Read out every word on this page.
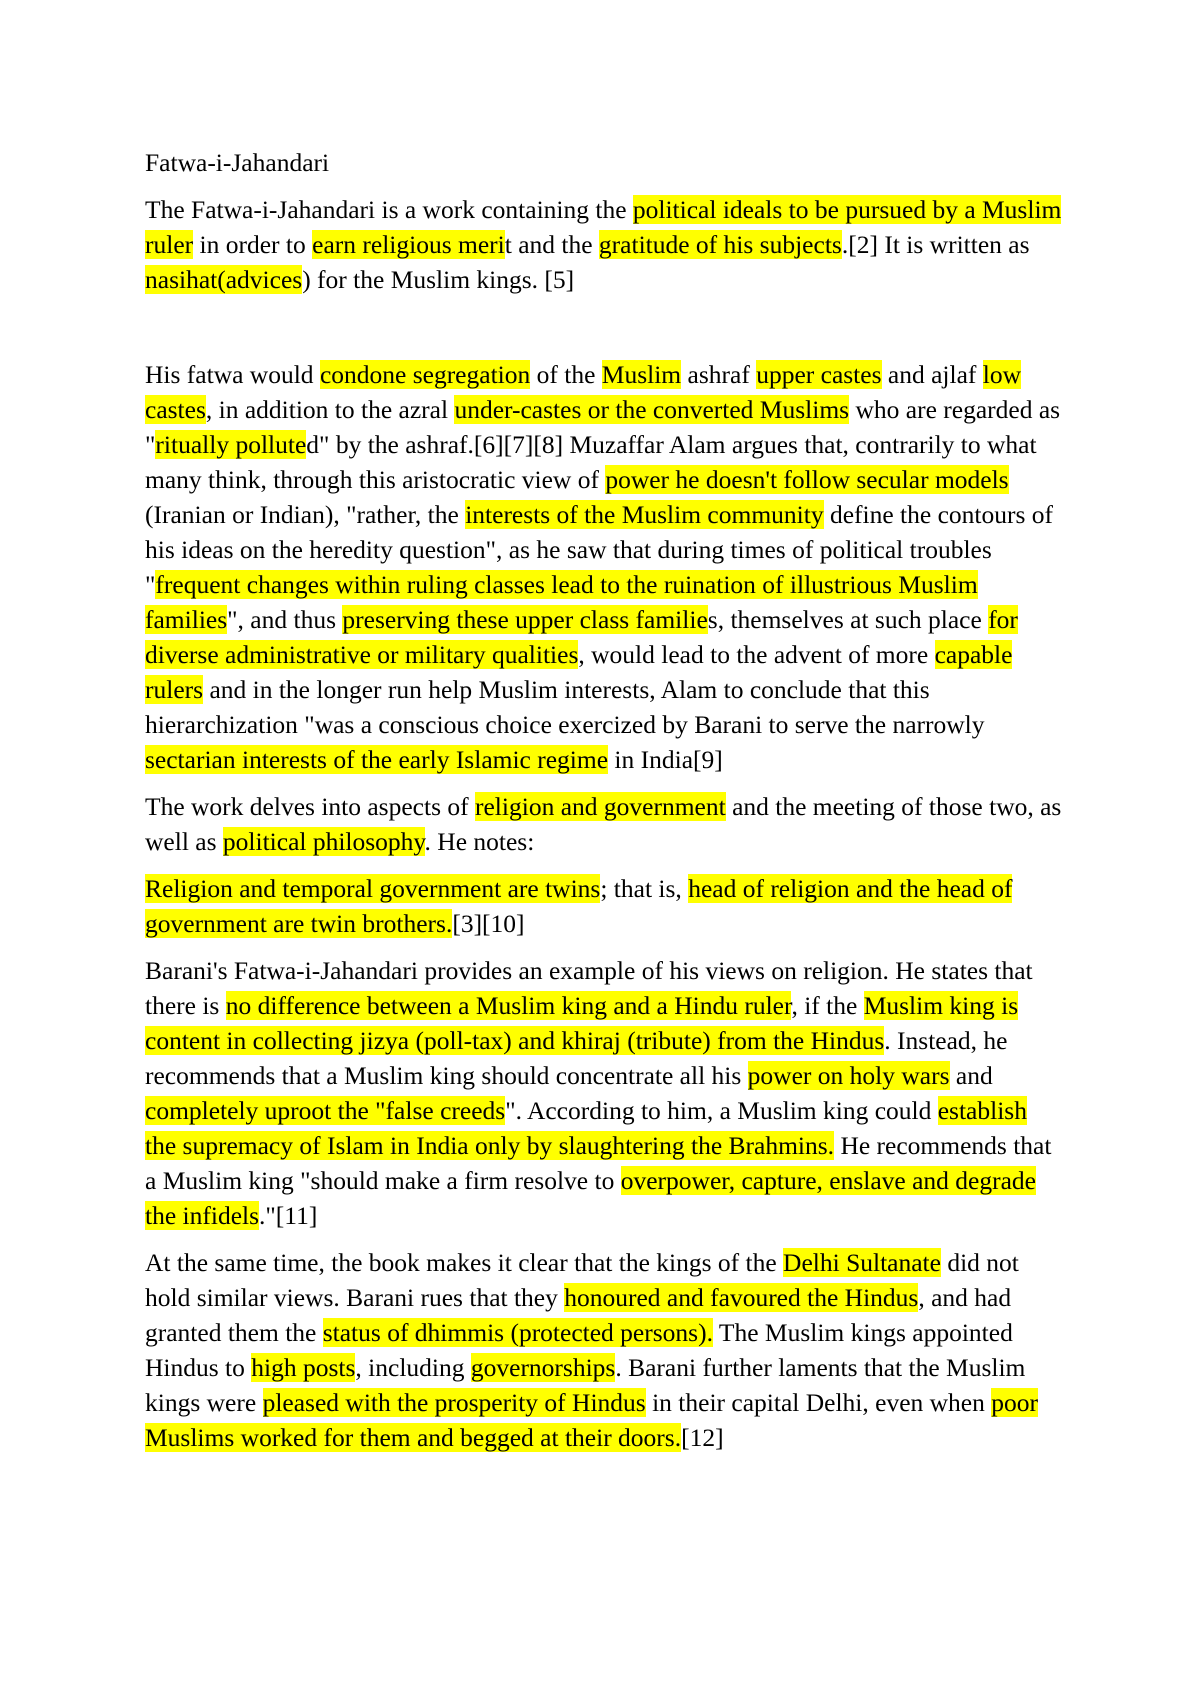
Fatwa-i-Jahandari

The Fatwa-i-Jahandari is a work containing the political ideals to be pursued by a Muslim ruler in order to earn religious merit and the gratitude of his subjects.[2] It is written as nasihat(advices) for the Muslim kings. [5]

His fatwa would condone segregation of the Muslim ashraf upper castes and ajlaf low castes, in addition to the azral under-castes or the converted Muslims who are regarded as "ritually polluted" by the ashraf.[6][7][8] Muzaffar Alam argues that, contrarily to what many think, through this aristocratic view of power he doesn't follow secular models (Iranian or Indian), "rather, the interests of the Muslim community define the contours of his ideas on the heredity question", as he saw that during times of political troubles "frequent changes within ruling classes lead to the ruination of illustrious Muslim families", and thus preserving these upper class families, themselves at such place for diverse administrative or military qualities, would lead to the advent of more capable rulers and in the longer run help Muslim interests, Alam to conclude that this hierarchization "was a conscious choice exercized by Barani to serve the narrowly sectarian interests of the early Islamic regime in India[9]

The work delves into aspects of religion and government and the meeting of those two, as well as political philosophy. He notes:

Religion and temporal government are twins; that is, head of religion and the head of government are twin brothers.[3][10]

Barani's Fatwa-i-Jahandari provides an example of his views on religion. He states that there is no difference between a Muslim king and a Hindu ruler, if the Muslim king is content in collecting jizya (poll-tax) and khiraj (tribute) from the Hindus. Instead, he recommends that a Muslim king should concentrate all his power on holy wars and completely uproot the "false creeds". According to him, a Muslim king could establish the supremacy of Islam in India only by slaughtering the Brahmins. He recommends that a Muslim king "should make a firm resolve to overpower, capture, enslave and degrade the infidels."[11]

At the same time, the book makes it clear that the kings of the Delhi Sultanate did not hold similar views. Barani rues that they honoured and favoured the Hindus, and had granted them the status of dhimmis (protected persons). The Muslim kings appointed Hindus to high posts, including governorships. Barani further laments that the Muslim kings were pleased with the prosperity of Hindus in their capital Delhi, even when poor Muslims worked for them and begged at their doors.[12]
